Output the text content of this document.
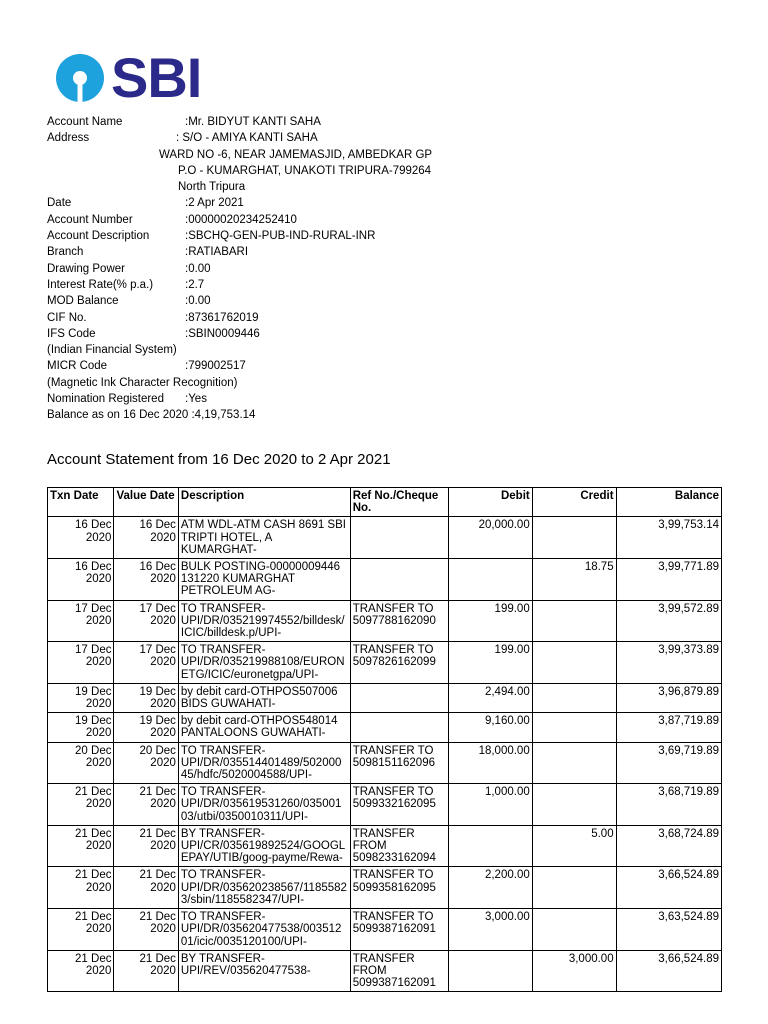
SBI
Account Name	:Mr. BIDYUT KANTI SAHA
Address	: S/O - AMIYA KANTI SAHA
WARD NO -6, NEAR JAMEMASJID, AMBEDKAR GP
P.O - KUMARGHAT, UNAKOTI TRIPURA-799264
North Tripura
Date	:2 Apr 2021
Account Number	:00000020234252410
Account Description	:SBCHQ-GEN-PUB-IND-RURAL-INR
Branch	:RATIABARI
Drawing Power	:0.00
Interest Rate(% p.a.)	:2.7
MOD Balance	:0.00
CIF No.	:87361762019
IFS Code	:SBIN0009446
(Indian Financial System)
MICR Code	:799002517
(Magnetic Ink Character Recognition)
Nomination Registered :Yes
Balance as on 16 Dec 2020 :4,19,753.14
Account Statement from 16 Dec 2020 to 2 Apr 2021
Txn Date	Value Date	Description	Ref No./Cheque No.	Debit	Credit	Balance
16 Dec 2020	16 Dec 2020	ATM WDL-ATM CASH 8691 SBI TRIPTI HOTEL, A KUMARGHAT-		20,000.00		3,99,753.14
16 Dec 2020	16 Dec 2020	BULK POSTING-00000009446 131220 KUMARGHAT PETROLEUM AG-			18.75	3,99,771.89
17 Dec 2020	17 Dec 2020	TO TRANSFER-UPI/DR/035219974552/billdesk/ICIC/billdesk.p/UPI-	TRANSFER TO 5097788162090	199.00		3,99,572.89
17 Dec 2020	17 Dec 2020	TO TRANSFER-UPI/DR/035219988108/EURONETG/ICIC/euronetgpa/UPI-	TRANSFER TO 5097826162099	199.00		3,99,373.89
19 Dec 2020	19 Dec 2020	by debit card-OTHPOS507006 BIDS GUWAHATI-		2,494.00		3,96,879.89
19 Dec 2020	19 Dec 2020	by debit card-OTHPOS548014 PANTALOONS GUWAHATI-		9,160.00		3,87,719.89
20 Dec 2020	20 Dec 2020	TO TRANSFER-UPI/DR/035514401489/50200045/hdfc/5020004588/UPI-	TRANSFER TO 5098151162096	18,000.00		3,69,719.89
21 Dec 2020	21 Dec 2020	TO TRANSFER-UPI/DR/035619531260/03500103/utbi/0350010311/UPI-	TRANSFER TO 5099332162095	1,000.00		3,68,719.89
21 Dec 2020	21 Dec 2020	BY TRANSFER-UPI/CR/035619892524/GOOGLEPAY/UTIB/goog-payme/Rewa-	TRANSFER FROM 5098233162094		5.00	3,68,724.89
21 Dec 2020	21 Dec 2020	TO TRANSFER-UPI/DR/035620238567/11855823/sbin/1185582347/UPI-	TRANSFER TO 5099358162095	2,200.00		3,66,524.89
21 Dec 2020	21 Dec 2020	TO TRANSFER-UPI/DR/035620477538/00351201/icic/0035120100/UPI-	TRANSFER TO 5099387162091	3,000.00		3,63,524.89
21 Dec 2020	21 Dec 2020	BY TRANSFER-UPI/REV/035620477538-	TRANSFER FROM 5099387162091		3,000.00	3,66,524.89
